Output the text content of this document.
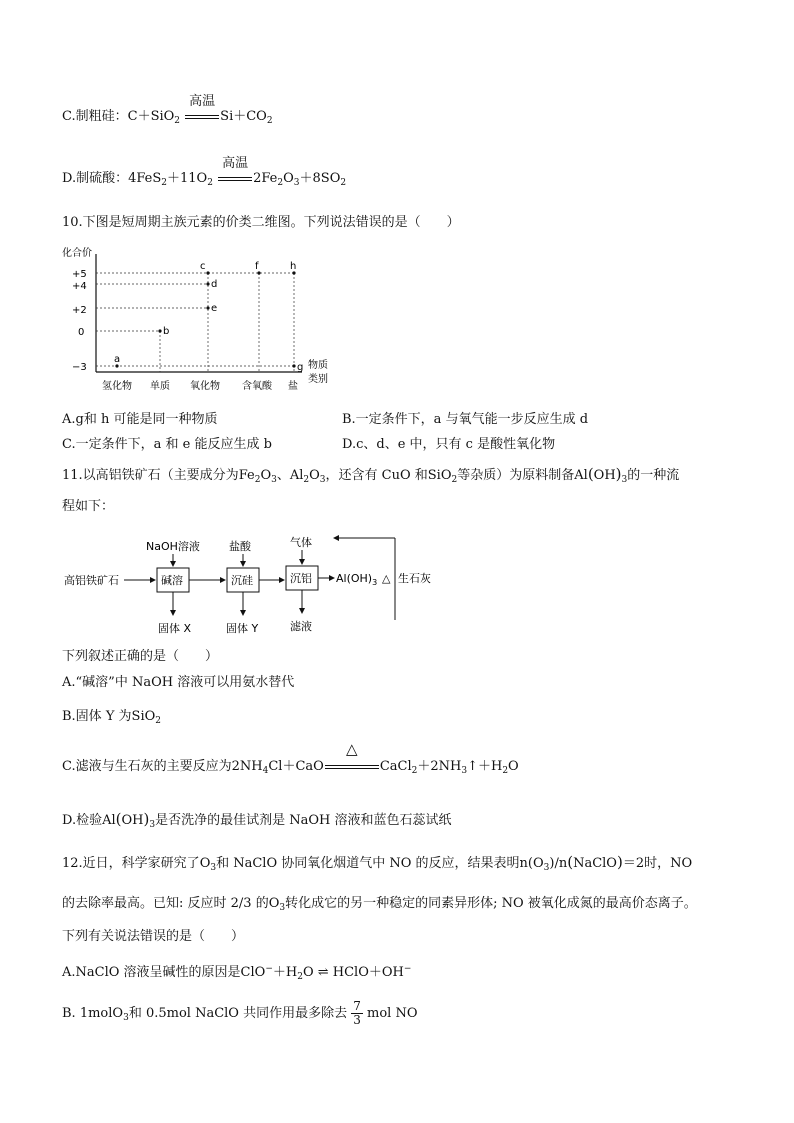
C.制粗硅：C＋SiO$_2$
高温
$Si+CO_2$
D.制硫酸：$4FeS_2+11O_2$
高温
$2Fe_2O_3+8SO_2$
10.下图是短周期主族元素的价类二维图。下列说法错误的是（　　）
化合价
+5
+4
+2
0
−3
a
b
c
d
e
f
g
h
氢化物 单质 氧化物 含氧酸 盐
物质
类别
A.g和 h 可能是同一种物质	B.一定条件下，a 与氧气能一步反应生成 d
C.一定条件下，a 和 e 能反应生成 b	D.c、d、e 中，只有 c 是酸性氧化物
11.以高铝铁矿石（主要成分为$Fe_2O_3$、$Al_2O_3$，还含有 CuO 和SiO$_2$等杂质）为原料制备$Al(OH)_3$的一种流
程如下：
高铝铁矿石	碱溶
NaOH溶液
固体 X
沉硅
盐酸
固体 Y
沉铝
气体
滤液
$Al(OH)_3$ △ 生石灰
下列叙述正确的是（　　）
A.“碱溶”中 NaOH 溶液可以用氨水替代
B.固体 Y 为SiO$_2$
C.滤液与生石灰的主要反应为$2NH_4Cl+CaO$
△
$CaCl_2+2NH_3↑+H_2O$
D.检验$Al(OH)_3$是否洗净的最佳试剂是 NaOH 溶液和蓝色石蕊试纸
12.近日，科学家研究了$O_3$和 NaClO 协同氧化烟道气中 NO 的反应，结果表明$n(O_3)/n(NaClO)=2$时，NO
的去除率最高。已知: 反应时 2/3 的$O_3$转化成它的另一种稳定的同素异形体; NO 被氧化成氮的最高价态离子。
下列有关说法错误的是（　　）
A.NaClO 溶液呈碱性的原因是$ClO^-+H_2O$ ⇌ HClO＋OH−
B. 1molO$_3$和 0.5mol NaClO 共同作用最多除去 $\frac{7}{3}$ mol NO
